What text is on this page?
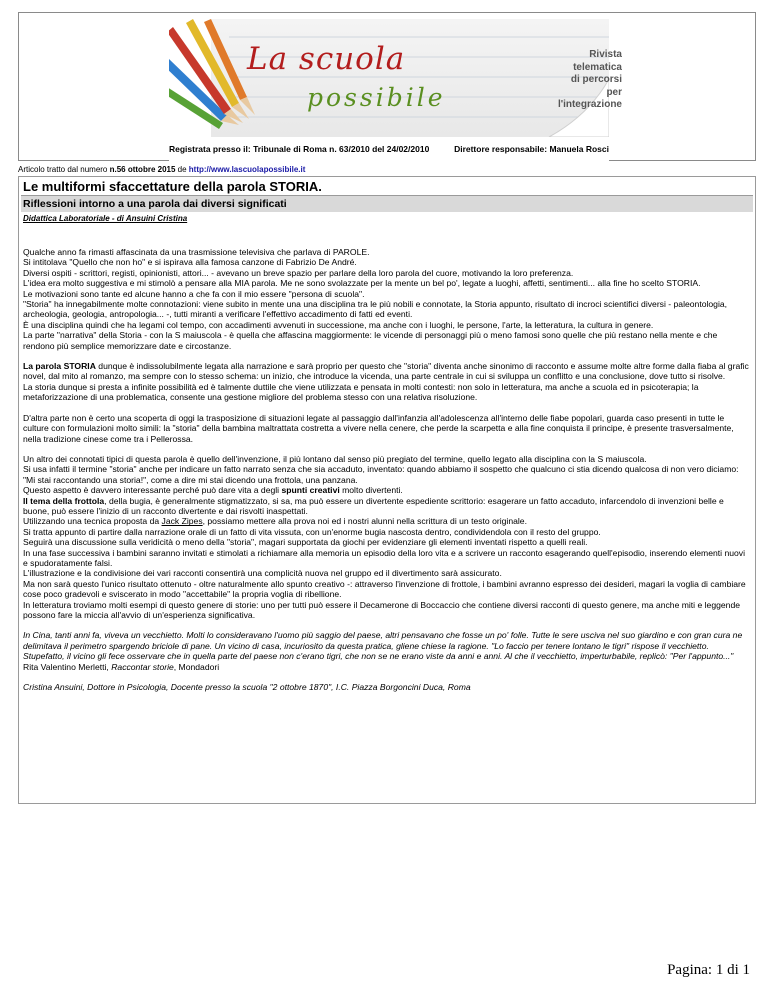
La scuola
possibile
Rivista
telematica
di percorsi
per l'integrazione
Registrata presso il: Tribunale di Roma n. 63/2010 del 24/02/2010	Direttore responsabile: Manuela Rosci
Articolo tratto dal numero n.56 ottobre 2015 de http://www.lascuolapossibile.it
Le multiformi sfaccettature della parola STORIA.
Riflessioni intorno a una parola dai diversi significati
Didattica Laboratoriale - di Ansuini Cristina

Qualche anno fa rimasti affascinata da una trasmissione televisiva che parlava di PAROLE.
Si intitolava "Quello che non ho" e si ispirava alla famosa canzone di Fabrizio De André.
Diversi ospiti - scrittori, registi, opinionisti, attori... - avevano un breve spazio per parlare della loro parola del cuore, motivando la loro preferenza.
L'idea era molto suggestiva e mi stimolò a pensare alla MIA parola. Me ne sono svolazzate per la mente un bel po', legate a luoghi, affetti, sentimenti... alla fine ho scelto STORIA.
Le motivazioni sono tante ed alcune hanno a che fa con il mio essere "persona di scuola".
"Storia" ha innegabilmente molte connotazioni: viene subito in mente una una disciplina tra le più nobili e connotate, la Storia appunto, risultato di incroci scientifici diversi - paleontologia, archeologia, geologia, antropologia... -, tutti miranti a verificare l'effettivo accadimento di fatti ed eventi.
È una disciplina quindi che ha legami col tempo, con accadimenti avvenuti in successione, ma anche con i luoghi, le persone, l'arte, la letteratura, la cultura in genere.
La parte "narrativa" della Storia - con la S maiuscola - è quella che affascina maggiormente: le vicende di personaggi più o meno famosi sono quelle che più restano nella mente e che rendono più semplice memorizzare date e circostanze.

La parola STORIA dunque è indissolubilmente legata alla narrazione e sarà proprio per questo che "storia" diventa anche sinonimo di racconto e assume molte altre forme dalla fiaba al grafic novel, dal mito al romanzo, ma sempre con lo stesso schema: un inizio, che introduce la vicenda, una parte centrale in cui si sviluppa un conflitto e una conclusione, dove tutto si risolve.
La storia dunque si presta a infinite possibilità ed è talmente duttile che viene utilizzata e pensata in molti contesti: non solo in letteratura, ma anche a scuola ed in psicoterapia; la metaforizzazione di una problematica, consente una gestione migliore del problema stesso con una relativa risoluzione.

D'altra parte non è certo una scoperta di oggi la trasposizione di situazioni legate al passaggio dall'infanzia all'adolescenza all'interno delle fiabe popolari, guarda caso presenti in tutte le culture con formulazioni molto simili: la "storia" della bambina maltrattata costretta a vivere nella cenere, che perde la scarpetta e alla fine conquista il principe, è presente trasversalmente, nella tradizione cinese come tra i Pellerossa.

Un altro dei connotati tipici di questa parola è quello dell'invenzione, il più lontano dal senso più pregiato del termine, quello legato alla disciplina con la S maiuscola.
Si usa infatti il termine "storia" anche per indicare un fatto narrato senza che sia accaduto, inventato: quando abbiamo il sospetto che qualcuno ci stia dicendo qualcosa di non vero diciamo: "Mi stai raccontando una storia!", come a dire mi stai dicendo una frottola, una panzana.
Questo aspetto è davvero interessante perché può dare vita a degli spunti creativi molto divertenti.
Il tema della frottola, della bugia, è generalmente stigmatizzato, si sa, ma può essere un divertente espediente scrittorio: esagerare un fatto accaduto, infarcendolo di invenzioni belle e buone, può essere l'inizio di un racconto divertente e dai risvolti inaspettati.
Utilizzando una tecnica proposta da Jack Zipes, possiamo mettere alla prova noi ed i nostri alunni nella scrittura di un testo originale.
Si tratta appunto di partire dalla narrazione orale di un fatto di vita vissuta, con un'enorme bugia nascosta dentro, condividendola con il resto del gruppo.
Seguirà una discussione sulla veridicità o meno della "storia", magari supportata da giochi per evidenziare gli elementi inventati rispetto a quelli reali.
In una fase successiva i bambini saranno invitati e stimolati a richiamare alla memoria un episodio della loro vita e a scrivere un racconto esagerando quell'episodio, inserendo elementi nuovi e spudoratamente falsi.
L'illustrazione e la condivisione dei vari racconti consentirà una complicità nuova nel gruppo ed il divertimento sarà assicurato.
Ma non sarà questo l'unico risultato ottenuto - oltre naturalmente allo spunto creativo -: attraverso l'invenzione di frottole, i bambini avranno espresso dei desideri, magari la voglia di cambiare cose poco gradevoli e sviscerato in modo "accettabile" la propria voglia di ribellione.
In letteratura troviamo molti esempi di questo genere di storie: uno per tutti può essere il Decamerone di Boccaccio che contiene diversi racconti di questo genere, ma anche miti e leggende possono fare la miccia all'avvio di un'esperienza significativa.

In Cina, tanti anni fa, viveva un vecchietto. Molti lo consideravano l'uomo più saggio del paese, altri pensavano che fosse un po' folle. Tutte le sere usciva nel suo giardino e con gran cura ne delimitava il perimetro spargendo briciole di pane. Un vicino di casa, incuriosito da questa pratica, gliene chiese la ragione. "Lo faccio per tenere lontano le tigri" rispose il vecchietto. Stupefatto, il vicino gli fece osservare che in quella parte del paese non c'erano tigri, che non se ne erano viste da anni e anni. Al che il vecchietto, imperturbabile, replicò: "Per l'appunto..."
Rita Valentino Merletti, Raccontar storie, Mondadori

Cristina Ansuini, Dottore in Psicologia, Docente presso la scuola "2 ottobre 1870", I.C. Piazza Borgoncini Duca, Roma

Pagina: 1 di 1
